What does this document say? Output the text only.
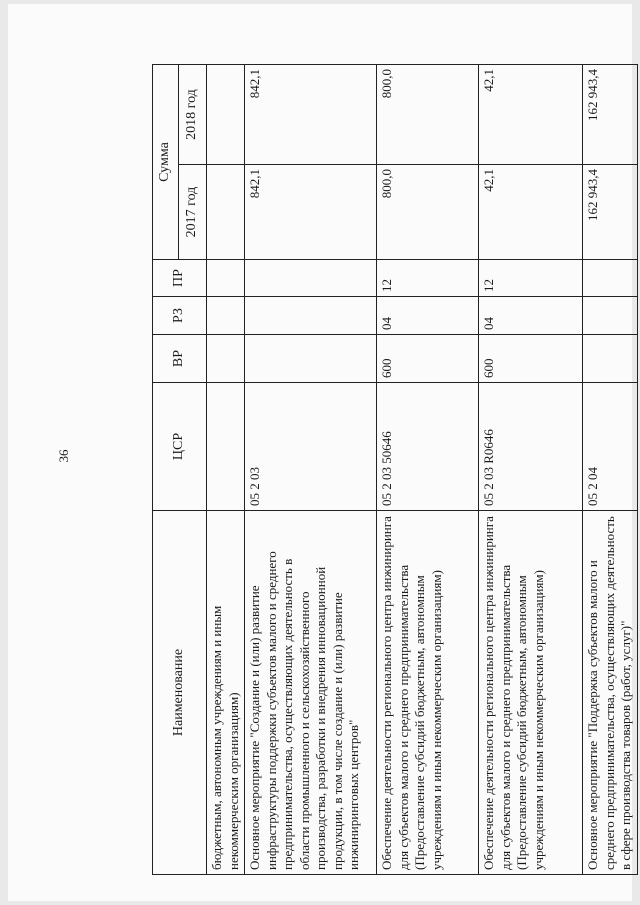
36
Наименование	ЦСР	ВР	РЗ	ПР	Сумма	
					2017 год	2018 год
бюджетным, автономным учреждениям и иным некоммерческим организациям)						
Основное мероприятие "Создание и (или) развитие инфраструктуры поддержки субъектов малого и среднего предпринимательства, осуществляющих деятельность в области промышленного и сельскохозяйственного производства, разработки и внедрения инновационной продукции, в том числе создание и (или) развитие инжиниринговых центров"	05 2 03				842,1	842,1
Обеспечение деятельности регионального центра инжиниринга для субъектов малого и среднего предпринимательства (Предоставление субсидий бюджетным, автономным учреждениям и иным некоммерческим организациям)	05 2 03 50646	600	04	12	800,0	800,0
Обеспечение деятельности регионального центра инжиниринга для субъектов малого и среднего предпринимательства (Предоставление субсидий бюджетным, автономным учреждениям и иным некоммерческим организациям)	05 2 03 R0646	600	04	12	42,1	42,1
Основное мероприятие "Поддержка субъектов малого и среднего предпринимательства, осуществляющих деятельность в сфере производства товаров (работ, услуг)"	05 2 04				162 943,4	162 943,4
